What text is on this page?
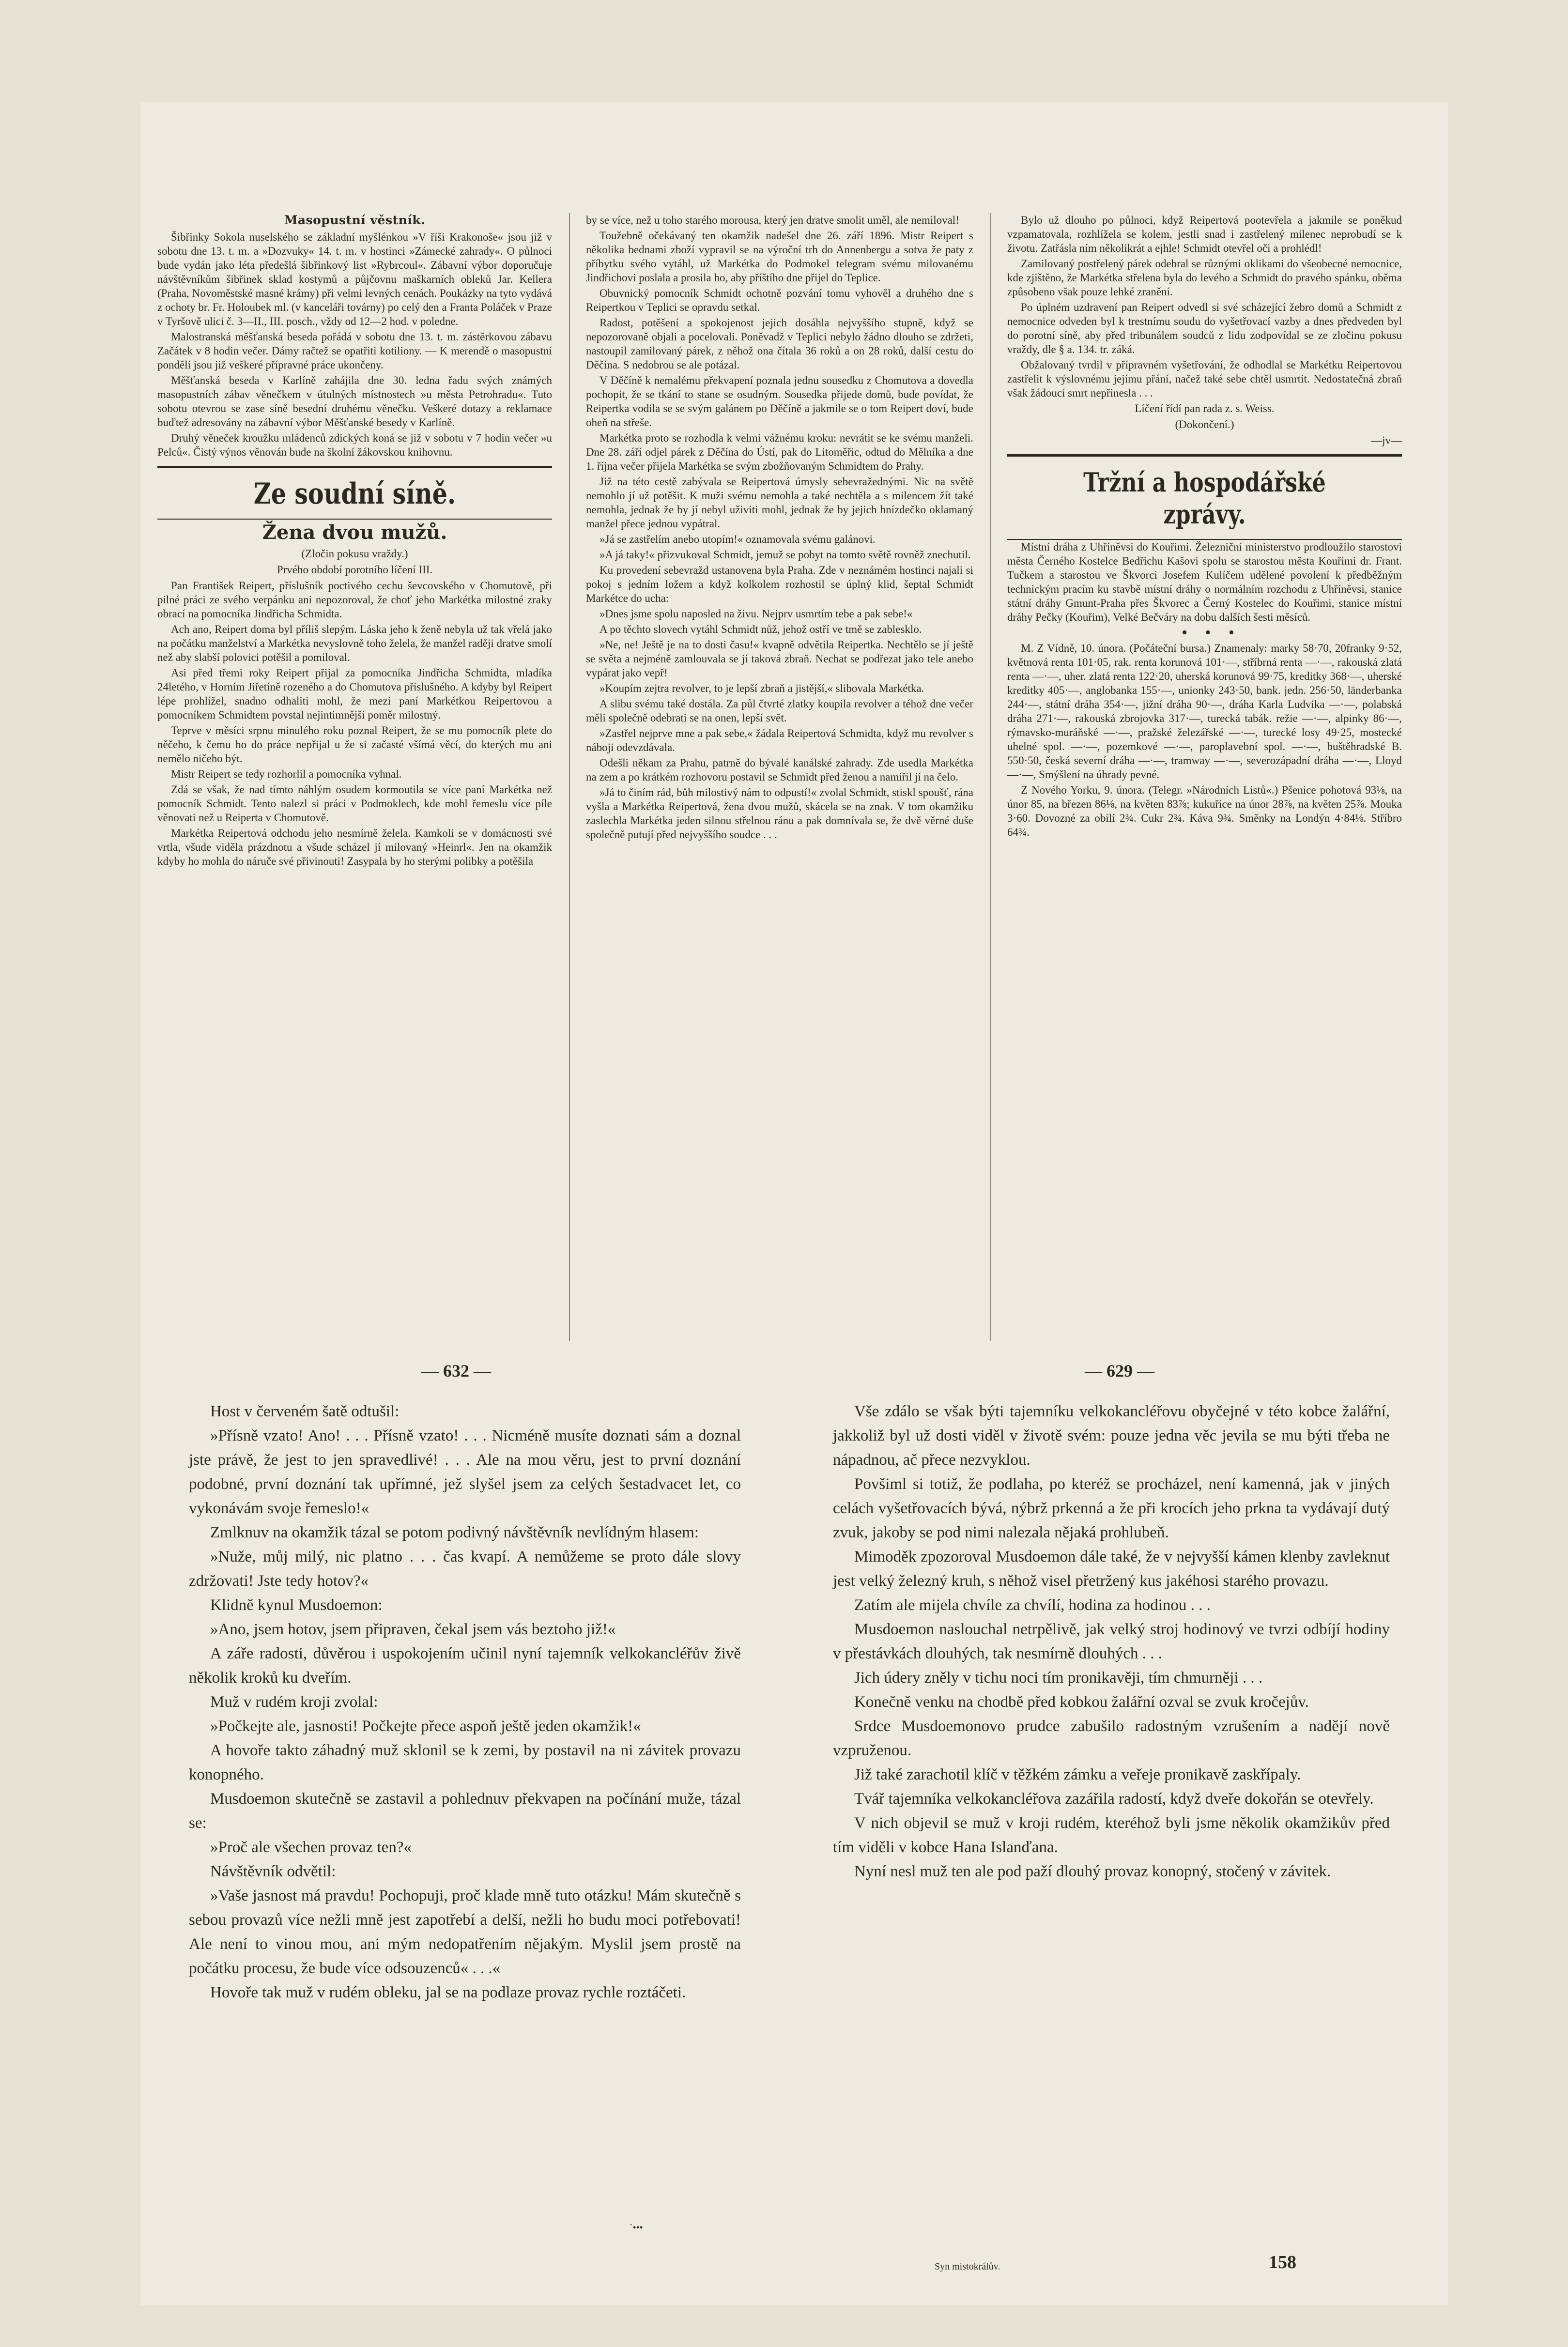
Masopustní věstník.

Šibřinky Sokola nuselského se základní myšlénkou »V říši Krakonoše« jsou již v sobotu dne 13. t. m. a »Dozvuky« 14. t. m. v hostinci »Zámecké zahrady«. O půlnoci bude vydán jako léta předešlá šibřinkový list »Rybrcoul«. Zábavní výbor doporučuje návštěvníkům šibřinek sklad kostymů a půjčovnu maškarních obleků Jar. Kellera (Praha, Novoměstské masné krámy) při velmi levných cenách. Poukázky na tyto vydává z ochoty br. Fr. Holoubek ml. (v kanceláři továrny) po celý den a Franta Poláček v Praze v Tyršově ulici č. 3—II., III. posch., vždy od 12—2 hod. v poledne.

Malostranská měšťanská beseda pořádá v sobotu dne 13. t. m. zástěrkovou zábavu Začátek v 8 hodin večer. Dámy račtež se opatřiti kotiliony. — K merendě o masopustní pondělí jsou již veškeré přípravné práce ukončeny.

Měšťanská beseda v Karlíně zahájila dne 30. ledna řadu svých známých masopustních zábav věnečkem v útulných místnostech »u města Petrohradu«. Tuto sobotu otevrou se zase síně besední druhému věnečku. Veškeré dotazy a reklamace buďtež adresovány na zábavní výbor Měšťanské besedy v Karlíně.

Druhý věneček kroužku mládenců zdických koná se již v sobotu v 7 hodin večer »u Pelců«. Čistý výnos věnován bude na školní žákovskou knihovnu.

Ze soudní síně.
Žena dvou mužů.

(Zločin pokusu vraždy.)

Prvého období porotního líčení III.

Pan František Reipert, příslušník poctivého cechu ševcovského v Chomutově, při pilné práci ze svého verpánku ani nepozoroval, že choť jeho Markétka milostné zraky obrací na pomocníka Jindřicha Schmidta.

Ach ano, Reipert doma byl příliš slepým. Láska jeho k ženě nebyla už tak vřelá jako na počátku manželství a Markétka nevyslovně toho želela, že manžel raději dratve smolí než aby slabší polovici potěšil a pomiloval.

Asi před třemi roky Reipert přijal za pomocníka Jindřicha Schmidta, mladíka 24letého, v Horním Jiřetíně rozeného a do Chomutova příslušného. A kdyby byl Reipert lépe prohlížel, snadno odhaliti mohl, že mezi paní Markétkou Reipertovou a pomocníkem Schmidtem povstal nejintimnější poměr milostný.

Teprve v měsíci srpnu minulého roku poznal Reipert, že se mu pomocník plete do něčeho, k čemu ho do práce nepřijal u že si začasté všímá věcí, do kterých mu ani nemělo ničeho být.

Mistr Reipert se tedy rozhorlil a pomocníka vyhnal.

Zdá se však, že nad tímto náhlým osudem kormoutila se více paní Markétka než pomocník Schmidt. Tento nalezl si práci v Podmoklech, kde mohl řemeslu více píle věnovati než u Reiperta v Chomutově.

Markétka Reipertová odchodu jeho nesmírně želela. Kamkoli se v domácnosti své vrtla, všude viděla prázdnotu a všude scházel jí milovaný »Heinrl«. Jen na okamžik kdyby ho mohla do náruče své přivinouti! Zasypala by ho sterými polibky a potěšila

by se více, než u toho starého morousa, který jen dratve smolit uměl, ale nemiloval!

Toužebně očekávaný ten okamžik nadešel dne 26. září 1896. Mistr Reipert s několika bednami zboží vypravil se na výroční trh do Annenbergu a sotva že paty z příbytku svého vytáhl, už Markétka do Podmokel telegram svému milovanému Jindřichovi poslala a prosila ho, aby příštího dne přijel do Teplice.

Obuvnický pomocník Schmidt ochotně pozvání tomu vyhověl a druhého dne s Reipertkou v Teplici se opravdu setkal.

Radost, potěšení a spokojenost jejich dosáhla nejvyššího stupně, když se nepozorovaně objali a pocelovali. Poněvadž v Teplici nebylo žádno dlouho se zdržeti, nastoupil zamilovaný párek, z něhož ona čítala 36 roků a on 28 roků, další cestu do Děčína. S nedobrou se ale potázal.

V Děčíně k nemalému překvapení poznala jednu sousedku z Chomutova a dovedla pochopit, že se tkání to stane se osudným. Sousedka přijede domů, bude povídat, že Reipertka vodila se se svým galánem po Děčíně a jakmile se o tom Reipert doví, bude oheň na střeše.

Markétka proto se rozhodla k velmi vážnému kroku: nevrátit se ke svému manželi. Dne 28. září odjel párek z Děčína do Ústí, pak do Litoměřic, odtud do Mělníka a dne 1. října večer přijela Markétka se svým zbožňovaným Schmidtem do Prahy.

Již na této cestě zabývala se Reipertová úmysly sebevražednými. Nic na světě nemohlo jí už potěšit. K muži svému nemohla a také nechtěla a s milencem žít také nemohla, jednak že by jí nebyl uživiti mohl, jednak že by jejich hnízdečko oklamaný manžel přece jednou vypátral.

»Já se zastřelím anebo utopím!« oznamovala svému galánovi.

»A já taky!« přizvukoval Schmidt, jemuž se pobyt na tomto světě rovněž znechutil.

Ku provedení sebevražd ustanovena byla Praha. Zde v neznámém hostinci najali si pokoj s jedním ložem a když kolkolem rozhostil se úplný klid, šeptal Schmidt Markétce do ucha:

»Dnes jsme spolu naposled na živu. Nejprv usmrtím tebe a pak sebe!«

A po těchto slovech vytáhl Schmidt nůž, jehož ostří ve tmě se zablesklo.

»Ne, ne! Ještě je na to dosti času!« kvapně odvětila Reipertka. Nechtělo se jí ještě se světa a nejméně zamlouvala se jí taková zbraň. Nechat se podřezat jako tele anebo vypárat jako vepř!

»Koupím zejtra revolver, to je lepší zbraň a jistější,« slibovala Markétka.

A slibu svému také dostála. Za půl čtvrté zlatky koupila revolver a téhož dne večer měli společně odebrati se na onen, lepší svět.

»Zastřel nejprve mne a pak sebe,« žádala Reipertová Schmidta, když mu revolver s náboji odevzdávala.

Odešli někam za Prahu, patrně do bývalé kanálské zahrady. Zde usedla Markétka na zem a po krátkém rozhovoru postavil se Schmidt před ženou a namířil jí na čelo.

»Já to činím rád, bůh milostivý nám to odpustí!« zvolal Schmidt, stiskl spoušť, rána vyšla a Markétka Reipertová, žena dvou mužů, skácela se na znak. V tom okamžiku zaslechla Markétka jeden silnou střelnou ránu a pak domnívala se, že dvě věrné duše společně putují před nejvyššího soudce . . .

Bylo už dlouho po půlnoci, když Reipertová pootevřela a jakmile se poněkud vzpamatovala, rozhlížela se kolem, jestli snad i zastřelený milenec neprobudí se k životu. Zatřásla ním několikrát a ejhle! Schmidt otevřel oči a prohlédl!

Zamilovaný postřelený párek odebral se různými oklikami do všeobecné nemocnice, kde zjištěno, že Markétka střelena byla do levého a Schmidt do pravého spánku, oběma způsobeno však pouze lehké zranění.

Po úplném uzdravení pan Reipert odvedl si své scházející žebro domů a Schmidt z nemocnice odveden byl k trestnímu soudu do vyšetřovací vazby a dnes předveden byl do porotní síně, aby před tribunálem soudců z lidu zodpovídal se ze zločinu pokusu vraždy, dle § a. 134. tr. záká.

Obžalovaný tvrdil v přípravném vyšetřování, že odhodlal se Markétku Reipertovou zastřelit k výslovnému jejímu přání, načež také sebe chtěl usmrtit. Nedostatečná zbraň však žádoucí smrt nepřinesla . . .

Líčení řídí pan rada z. s. Weiss.

(Dokončení.)

—jv—

Tržní a hospodářské zprávy.

Místní dráha z Uhříněvsi do Kouřimi. Železniční ministerstvo prodloužilo starostovi města Černého Kostelce Bedřichu Kašovi spolu se starostou města Kouřimi dr. Frant. Tučkem a starostou ve Škvorci Josefem Kulíčem udělené povolení k předběžným technickým pracím ku stavbě místní dráhy o normálním rozchodu z Uhříněvsi, stanice státní dráhy Gmunt-Praha přes Škvorec a Černý Kostelec do Kouřimi, stanice místní dráhy Pečky (Kouřim), Velké Bečváry na dobu dalších šesti měsíců.

• • •

M. Z Vídně, 10. února. (Počáteční bursa.) Znamenaly: marky 58·70, 20franky 9·52, květnová renta 101·05, rak. renta korunová 101·—, stříbrná renta —·—, rakouská zlatá renta —·—, uher. zlatá renta 122·20, uherská korunová 99·75, kreditky 368·—, uherské kreditky 405·—, anglobanka 155·—, unionky 243·50, bank. jedn. 256·50, länderbanka 244·—, státní dráha 354·—, jižní dráha 90·—, dráha Karla Ludvika —·—, polabská dráha 271·—, rakouská zbrojovka 317·—, turecká tabák. režie —·—, alpinky 86·—, rýmavsko-muráňské —·—, pražské železářské —·—, turecké losy 49·25, mostecké uhelné spol. —·—, pozemkové —·—, paroplavební spol. —·—, buštěhradské B. 550·50, česká severní dráha —·—, tramway —·—, severozápadní dráha —·—, Lloyd —·—, Smýšlení na úhrady pevné.

Z Nového Yorku, 9. února. (Telegr. »Národních Listů«.) Pšenice pohotová 93⅛, na únor 85, na březen 86⅛, na květen 83⅞; kukuřice na únor 28⅞, na květen 25⅞. Mouka 3·60. Dovozné za obilí 2¾. Cukr 2¾. Káva 9¾. Směnky na Londýn 4·84⅛. Stříbro 64¾.

— 632 —	— 629 —

Host v červeném šatě odtušil:

»Přísně vzato! Ano! . . . Přísně vzato! . . . Nicméně musíte doznati sám a doznal jste právě, že jest to jen spravedlivé! . . . Ale na mou věru, jest to první doznání podobné, první doznání tak upřímné, jež slyšel jsem za celých šestadvacet let, co vykonávám svoje řemeslo!«

Zmlknuv na okamžik tázal se potom podivný návštěvník nevlídným hlasem:

»Nuže, můj milý, nic platno . . . čas kvapí. A nemůžeme se proto dále slovy zdržovati! Jste tedy hotov?«

Klidně kynul Musdoemon:

»Ano, jsem hotov, jsem připraven, čekal jsem vás beztoho již!«

A záře radosti, důvěrou i uspokojením učinil nyní tajemník velkokancléřův živě několik kroků ku dveřím.

Muž v rudém kroji zvolal:

»Počkejte ale, jasnosti! Počkejte přece aspoň ještě jeden okamžik!«

A hovoře takto záhadný muž sklonil se k zemi, by postavil na ni závitek provazu konopného.

Musdoemon skutečně se zastavil a pohlednuv překvapen na počínání muže, tázal se:

»Proč ale všechen provaz ten?«

Návštěvník odvětil:

»Vaše jasnost má pravdu! Pochopuji, proč klade mně tuto otázku! Mám skutečně s sebou provazů více nežli mně jest zapotřebí a delší, nežli ho budu moci potřebovati! Ale není to vinou mou, ani mým nedopatřením nějakým. Myslil jsem prostě na počátku procesu, že bude více odsouzenců« . . .«

Hovoře tak muž v rudém obleku, jal se na podlaze provaz rychle roztáčeti.

Vše zdálo se však býti tajemníku velkokancléřovu obyčejné v této kobce žalářní, jakkoliž byl už dosti viděl v životě svém: pouze jedna věc jevila se mu býti třeba ne nápadnou, ač přece nezvyklou.

Povšiml si totiž, že podlaha, po kteréž se procházel, není kamenná, jak v jiných celách vyšetřovacích bývá, nýbrž prkenná a že při krocích jeho prkna ta vydávají dutý zvuk, jakoby se pod nimi nalezala nějaká prohlubeň.

Mimoděk zpozoroval Musdoemon dále také, že v nejvyšší kámen klenby zavleknut jest velký železný kruh, s něhož visel přetržený kus jakéhosi starého provazu.

Zatím ale mijela chvíle za chvílí, hodina za hodinou . . .

Musdoemon naslouchal netrpělivě, jak velký stroj hodinový ve tvrzi odbíjí hodiny v přestávkách dlouhých, tak nesmírně dlouhých . . .

Jich údery zněly v tichu noci tím pronikavěji, tím chmurněji . . .

Konečně venku na chodbě před kobkou žalářní ozval se zvuk kročejův.

Srdce Musdoemonovo prudce zabušilo radostným vzrušením a nadějí nově vzpruženou.

Již také zarachotil klíč v těžkém zámku a veřeje pronikavě zaskřípaly.

Tvář tajemníka velkokancléřova zazářila radostí, když dveře dokořán se otevřely.

V nich objevil se muž v kroji rudém, kteréhož byli jsme několik okamžikův před tím viděli v kobce Hana Islanďana.

Nyní nesl muž ten ale pod paží dlouhý provaz konopný, stočený v závitek.

`•••
Syn mistokrálův.	158
